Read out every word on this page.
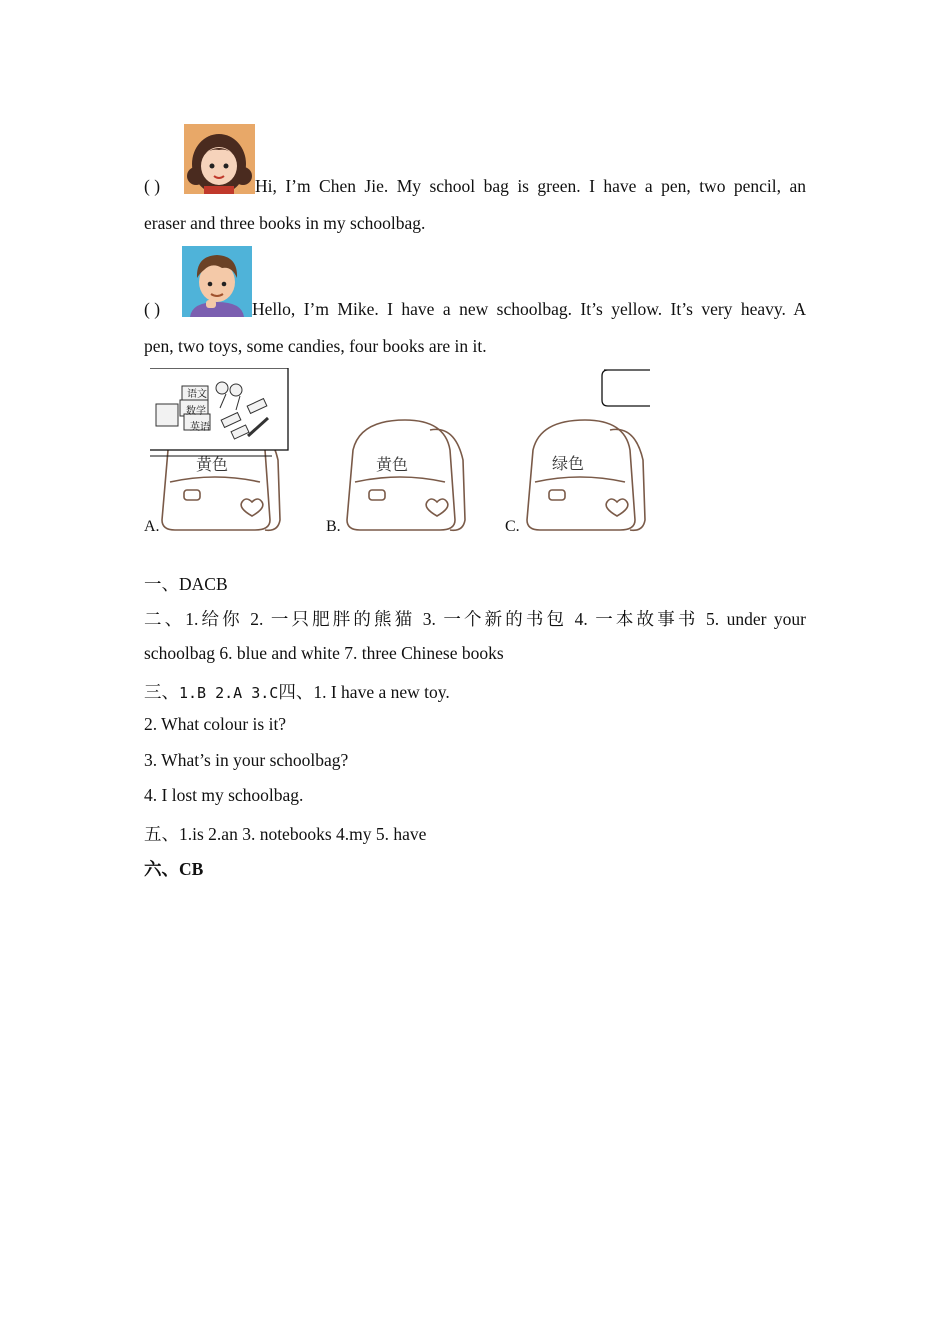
( )	Hi, I’m Chen Jie. My school bag is green. I have a pen, two pencil, an
eraser and three books in my schoolbag.
( )	Hello, I’m Mike. I have a new schoolbag. It’s yellow. It’s very heavy. A
pen, two toys, some candies, four books are in it.
语文
数学
英语
黄色	黄色	绿色
A.	B.	C.
一、DACB
二、1.给你 2. 一只肥胖的熊猫 3. 一个新的书包 4. 一本故事书 5. under your
schoolbag 6. blue and white 7. three Chinese books
三、1.B 2.A 3.C四、1. I have a new toy.
2. What colour is it?
3. What’s in your schoolbag?
4. I lost my schoolbag.
五、1.is 2.an 3. notebooks 4.my 5. have
六、CB
